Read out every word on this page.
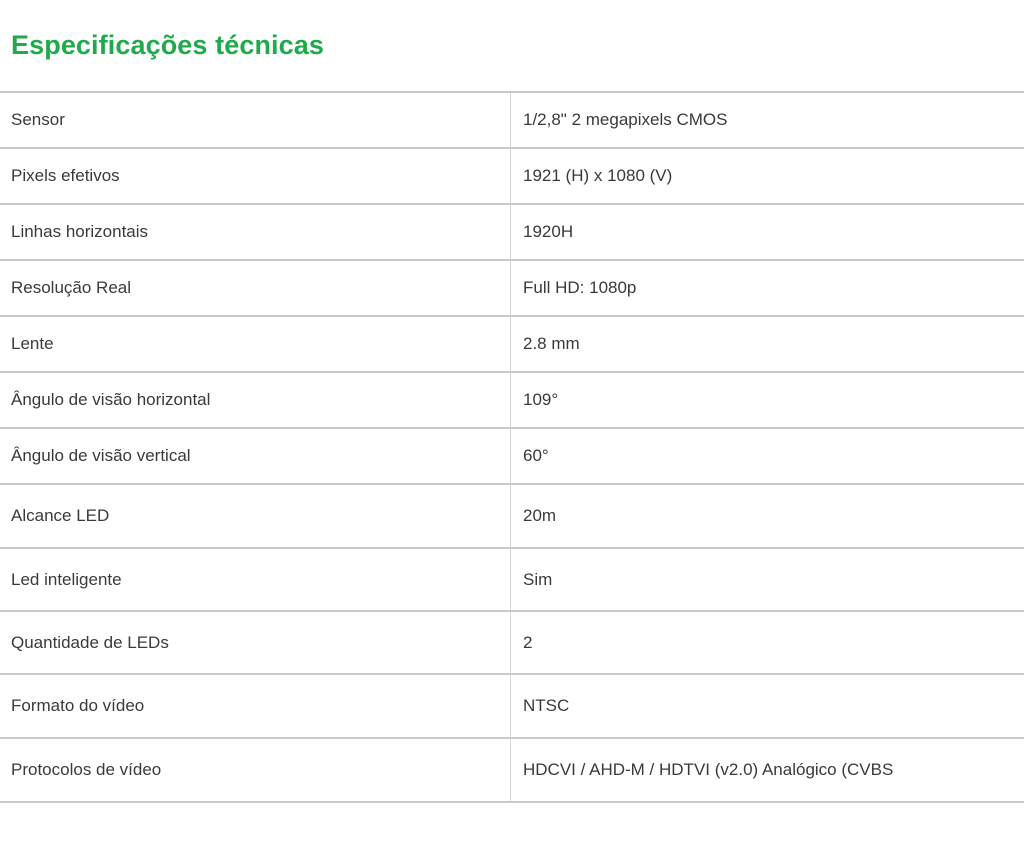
Especificações técnicas
Sensor	1/2,8" 2 megapixels CMOS
Pixels efetivos	1921 (H) x 1080 (V)
Linhas horizontais	1920H
Resolução Real	Full HD: 1080p
Lente	2.8 mm
Ângulo de visão horizontal	109°
Ângulo de visão vertical	60°
Alcance LED	20m
Led inteligente	Sim
Quantidade de LEDs	2
Formato do vídeo	NTSC
Protocolos de vídeo	HDCVI / AHD-M / HDTVI (v2.0) Analógico (CVBS
